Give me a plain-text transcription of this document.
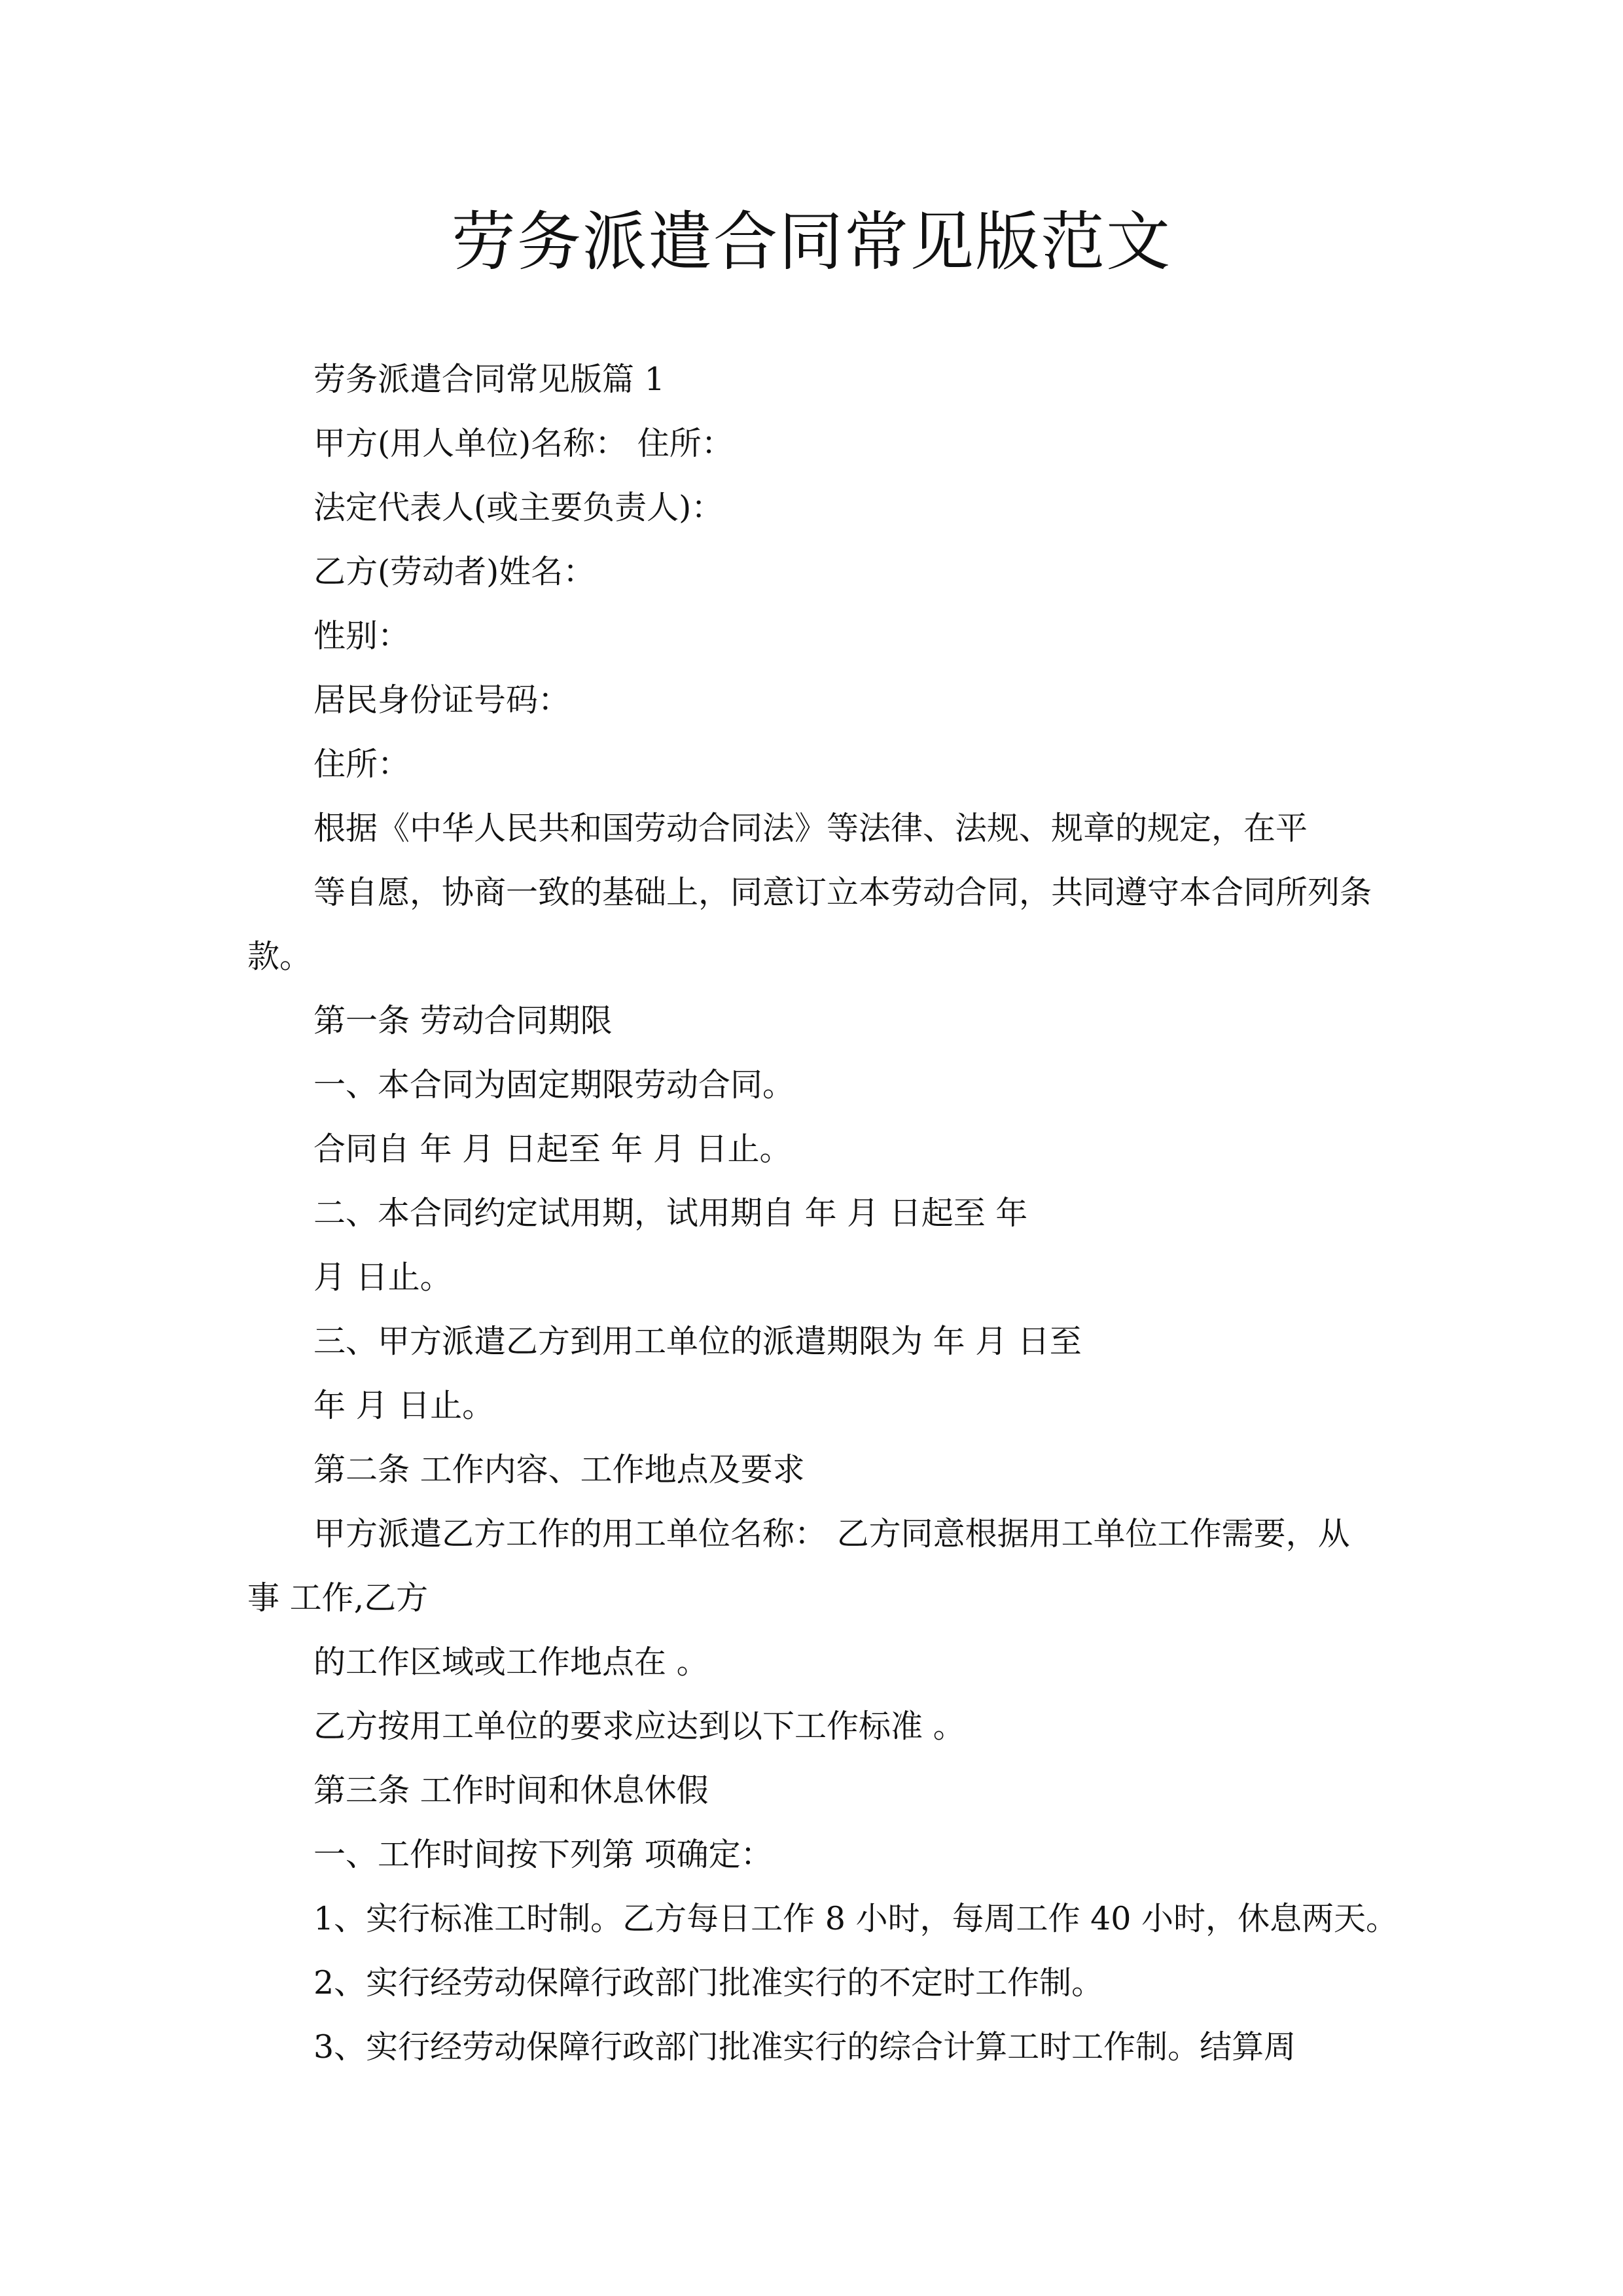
劳务派遣合同常见版范文
劳务派遣合同常见版篇 1
甲方(用人单位)名称： 住所：
法定代表人(或主要负责人)：
乙方(劳动者)姓名：
性别：
居民身份证号码：
住所：
根据《中华人民共和国劳动合同法》等法律、法规、规章的规定，在平
等自愿，协商一致的基础上，同意订立本劳动合同，共同遵守本合同所列条
款。
第一条 劳动合同期限
一、本合同为固定期限劳动合同。
合同自 年 月 日起至 年 月 日止。
二、本合同约定试用期，试用期自 年 月 日起至 年
月 日止。
三、甲方派遣乙方到用工单位的派遣期限为 年 月 日至
年 月 日止。
第二条 工作内容、工作地点及要求
甲方派遣乙方工作的用工单位名称： 乙方同意根据用工单位工作需要，从
事 工作,乙方
的工作区域或工作地点在 。
乙方按用工单位的要求应达到以下工作标准 。
第三条 工作时间和休息休假
一、工作时间按下列第 项确定：
1、实行标准工时制。乙方每日工作 8 小时，每周工作 40 小时，休息两天。
2、实行经劳动保障行政部门批准实行的不定时工作制。
3、实行经劳动保障行政部门批准实行的综合计算工时工作制。结算周
